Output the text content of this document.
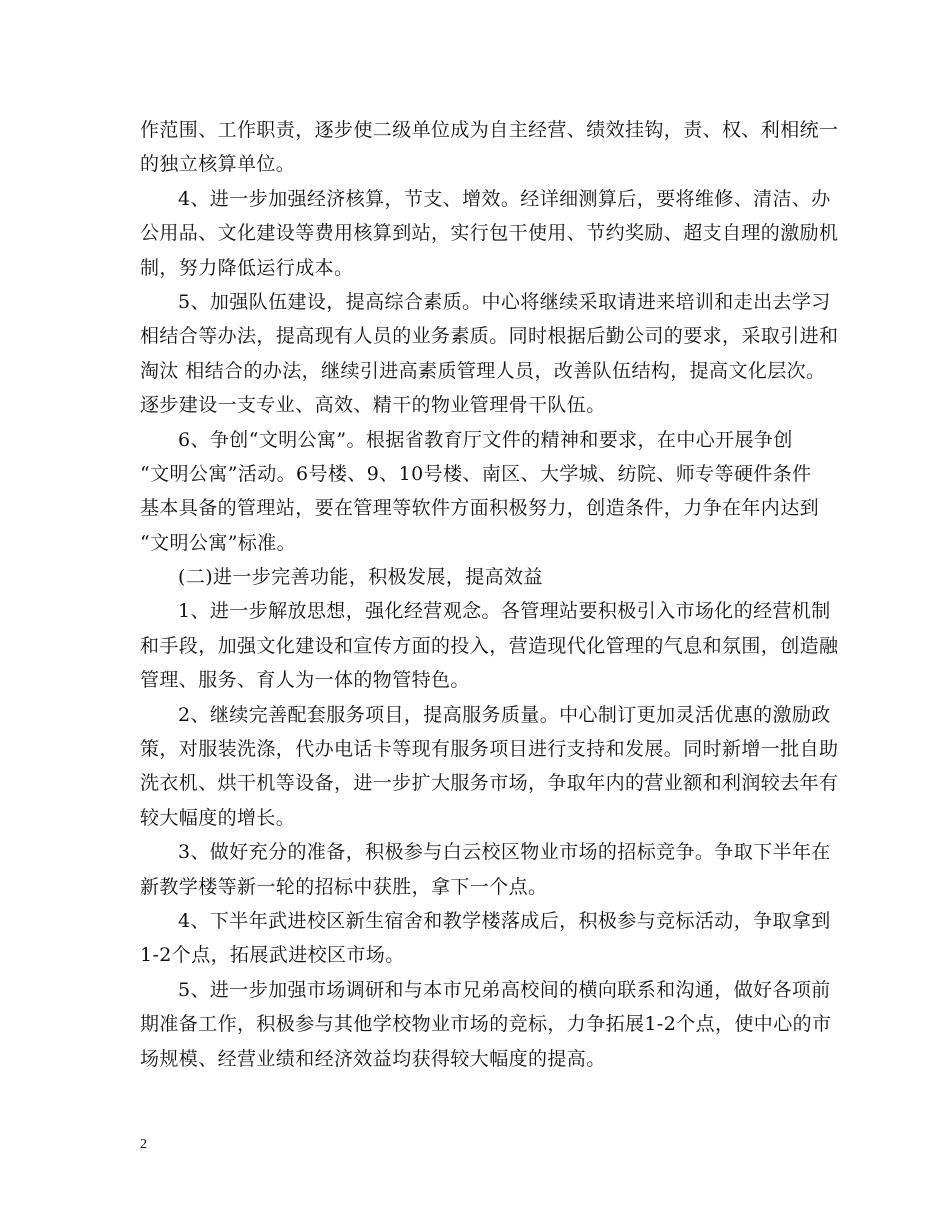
作范围、工作职责，逐步使二级单位成为自主经营、绩效挂钩，责、权、利相统一
的独立核算单位。
4、进一步加强经济核算，节支、增效。经详细测算后，要将维修、清洁、办
公用品、文化建设等费用核算到站，实行包干使用、节约奖励、超支自理的激励机
制，努力降低运行成本。
5、加强队伍建设，提高综合素质。中心将继续采取请进来培训和走出去学习
相结合等办法，提高现有人员的业务素质。同时根据后勤公司的要求，采取引进和
淘汰 相结合的办法，继续引进高素质管理人员，改善队伍结构，提高文化层次。
逐步建设一支专业、高效、精干的物业管理骨干队伍。
6、争创“文明公寓”。根据省教育厅文件的精神和要求，在中心开展争创
“文明公寓”活动。6号楼、9、10号楼、南区、大学城、纺院、师专等硬件条件
基本具备的管理站，要在管理等软件方面积极努力，创造条件，力争在年内达到
“文明公寓”标准。
(二)进一步完善功能，积极发展，提高效益
1、进一步解放思想，强化经营观念。各管理站要积极引入市场化的经营机制
和手段，加强文化建设和宣传方面的投入，营造现代化管理的气息和氛围，创造融
管理、服务、育人为一体的物管特色。
2、继续完善配套服务项目，提高服务质量。中心制订更加灵活优惠的激励政
策，对服装洗涤，代办电话卡等现有服务项目进行支持和发展。同时新增一批自助
洗衣机、烘干机等设备，进一步扩大服务市场，争取年内的营业额和利润较去年有
较大幅度的增长。
3、做好充分的准备，积极参与白云校区物业市场的招标竞争。争取下半年在
新教学楼等新一轮的招标中获胜，拿下一个点。
4、下半年武进校区新生宿舍和教学楼落成后，积极参与竞标活动，争取拿到
1-2个点，拓展武进校区市场。
5、进一步加强市场调研和与本市兄弟高校间的横向联系和沟通，做好各项前
期准备工作，积极参与其他学校物业市场的竞标，力争拓展1-2个点，使中心的市
场规模、经营业绩和经济效益均获得较大幅度的提高。
2
